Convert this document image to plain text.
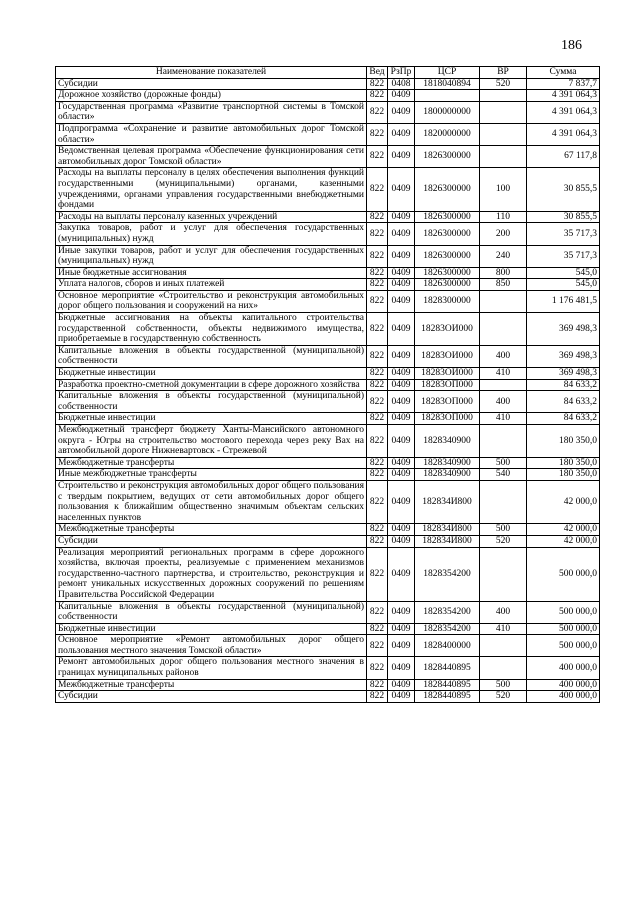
186
Наименование показателей	Вед	РзПр	ЦСР	ВР	Сумма
Субсидии	822	0408	1818040894	520	7 837,7
Дорожное хозяйство (дорожные фонды)	822	0409			4 391 064,3
Государственная программа «Развитие транспортной системы в Томской области»	822	0409	1800000000		4 391 064,3
Подпрограмма «Сохранение и развитие автомобильных дорог Томской области»	822	0409	1820000000		4 391 064,3
Ведомственная целевая программа «Обеспечение функционирования сети автомобильных дорог Томской области»	822	0409	1826300000		67 117,8
Расходы на выплаты персоналу в целях обеспечения выполнения функций государственными (муниципальными) органами, казенными учреждениями, органами управления государственными внебюджетными фондами	822	0409	1826300000	100	30 855,5
Расходы на выплаты персоналу казенных учреждений	822	0409	1826300000	110	30 855,5
Закупка товаров, работ и услуг для обеспечения государственных (муниципальных) нужд	822	0409	1826300000	200	35 717,3
Иные закупки товаров, работ и услуг для обеспечения государственных (муниципальных) нужд	822	0409	1826300000	240	35 717,3
Иные бюджетные ассигнования	822	0409	1826300000	800	545,0
Уплата налогов, сборов и иных платежей	822	0409	1826300000	850	545,0
Основное мероприятие «Строительство и реконструкция автомобильных дорог общего пользования и сооружений на них»	822	0409	1828300000		1 176 481,5
Бюджетные ассигнования на объекты капитального строительства государственной собственности, объекты недвижимого имущества, приобретаемые в государственную собственность	822	0409	18283ОИ000		369 498,3
Капитальные вложения в объекты государственной (муниципальной) собственности	822	0409	18283ОИ000	400	369 498,3
Бюджетные инвестиции	822	0409	18283ОИ000	410	369 498,3
Разработка проектно-сметной документации в сфере дорожного хозяйства	822	0409	18283ОП000		84 633,2
Капитальные вложения в объекты государственной (муниципальной) собственности	822	0409	18283ОП000	400	84 633,2
Бюджетные инвестиции	822	0409	18283ОП000	410	84 633,2
Межбюджетный трансферт бюджету Ханты-Мансийского автономного округа - Югры на строительство мостового перехода через реку Вах на автомобильной дороге Нижневартовск - Стрежевой	822	0409	1828340900		180 350,0
Межбюджетные трансферты	822	0409	1828340900	500	180 350,0
Иные межбюджетные трансферты	822	0409	1828340900	540	180 350,0
Строительство и реконструкция автомобильных дорог общего пользования с твердым покрытием, ведущих от сети автомобильных дорог общего пользования к ближайшим общественно значимым объектам сельских населенных пунктов	822	0409	182834И800		42 000,0
Межбюджетные трансферты	822	0409	182834И800	500	42 000,0
Субсидии	822	0409	182834И800	520	42 000,0
Реализация мероприятий региональных программ в сфере дорожного хозяйства, включая проекты, реализуемые с применением механизмов государственно-частного партнерства, и строительство, реконструкция и ремонт уникальных искусственных дорожных сооружений по решениям Правительства Российской Федерации	822	0409	1828354200		500 000,0
Капитальные вложения в объекты государственной (муниципальной) собственности	822	0409	1828354200	400	500 000,0
Бюджетные инвестиции	822	0409	1828354200	410	500 000,0
Основное мероприятие «Ремонт автомобильных дорог общего пользования местного значения Томской области»	822	0409	1828400000		500 000,0
Ремонт автомобильных дорог общего пользования местного значения в границах муниципальных районов	822	0409	1828440895		400 000,0
Межбюджетные трансферты	822	0409	1828440895	500	400 000,0
Субсидии	822	0409	1828440895	520	400 000,0
